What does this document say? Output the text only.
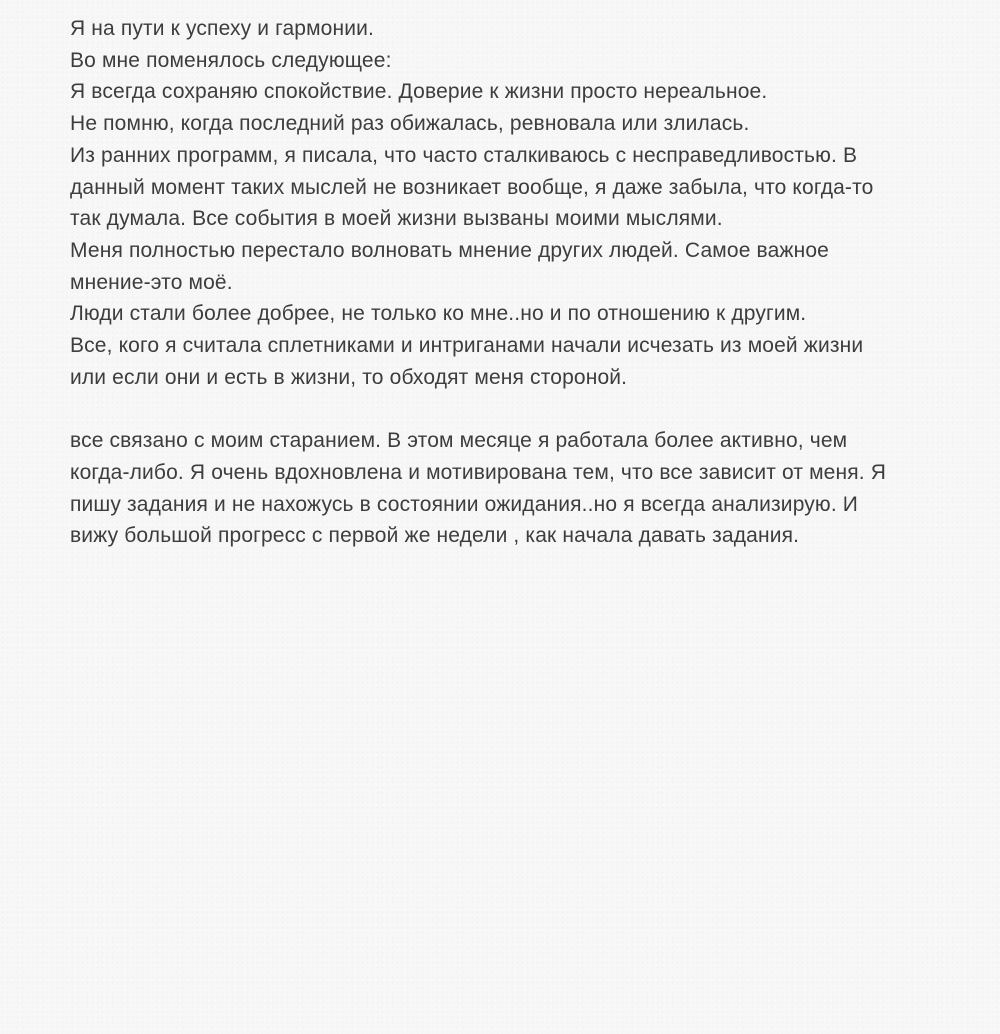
Я на пути к успеху и гармонии.
Во мне поменялось следующее:
Я всегда сохраняю спокойствие. Доверие к жизни просто нереальное.
Не помню, когда последний раз обижалась, ревновала или злилась.
Из ранних программ, я писала, что часто сталкиваюсь с несправедливостью. В
данный момент таких мыслей не возникает вообще, я даже забыла, что когда-то
так думала. Все события в моей жизни вызваны моими мыслями.
Меня полностью перестало волновать мнение других людей. Самое важное
мнение-это моё.
Люди стали более добрее, не только ко мне..но и по отношению к другим.
Все, кого я считала сплетниками и интриганами начали исчезать из моей жизни
или если они и есть в жизни, то обходят меня стороной.
все связано с моим старанием. В этом месяце я работала более активно, чем
когда-либо. Я очень вдохновлена и мотивирована тем, что все зависит от меня. Я
пишу задания и не нахожусь в состоянии ожидания..но я всегда анализирую. И
вижу большой прогресс с первой же недели , как начала давать задания.
